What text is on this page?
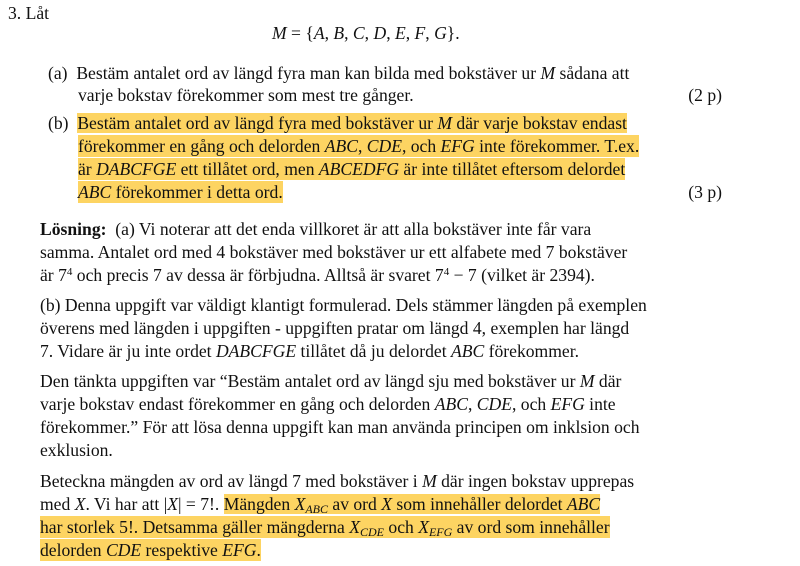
3. Låt
M = {A, B, C, D, E, F, G}.
(a)  Bestäm antalet ord av längd fyra man kan bilda med bokstäver ur M sådana att
varje bokstav förekommer som mest tre gånger.	(2 p)
(b)  Bestäm antalet ord av längd fyra med bokstäver ur M där varje bokstav endast
förekommer en gång och delorden ABC, CDE, och EFG inte förekommer. T.ex.
är DABCFGE ett tillåtet ord, men ABCEDFG är inte tillåtet eftersom delordet
ABC förekommer i detta ord.	(3 p)
Lösning:  (a) Vi noterar att det enda villkoret är att alla bokstäver inte får vara
samma. Antalet ord med 4 bokstäver med bokstäver ur ett alfabete med 7 bokstäver
är $7^4$ och precis 7 av dessa är förbjudna. Alltså är svaret $7^4 - 7$ (vilket är 2394).
(b) Denna uppgift var väldigt klantigt formulerad. Dels stämmer längden på exemplen
överens med längden i uppgiften - uppgiften pratar om längd 4, exemplen har längd
7. Vidare är ju inte ordet DABCFGE tillåtet då ju delordet ABC förekommer.
Den tänkta uppgiften var “Bestäm antalet ord av längd sju med bokstäver ur M där
varje bokstav endast förekommer en gång och delorden ABC, CDE, och EFG inte
förekommer.” För att lösa denna uppgift kan man använda principen om inklsion och
exklusion.
Beteckna mängden av ord av längd 7 med bokstäver i M där ingen bokstav upprepas
med X. Vi har att |X| = 7!. Mängden $X_{ABC}$ av ord X som innehåller delordet ABC
har storlek 5!. Detsamma gäller mängderna $X_{CDE}$ och $X_{EFG}$ av ord som innehåller
delorden CDE respektive EFG.
